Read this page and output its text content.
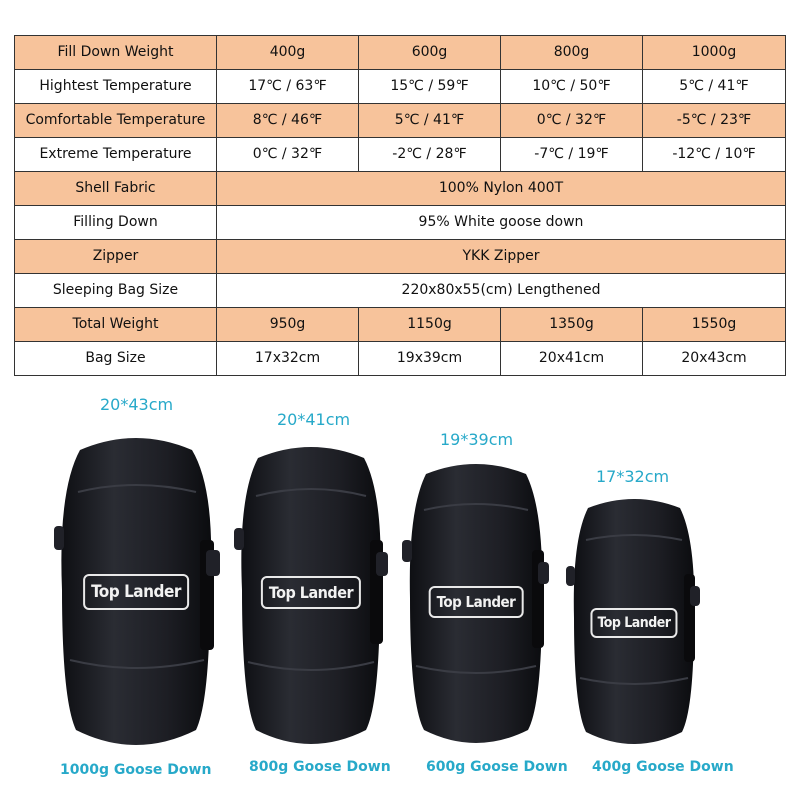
Fill Down Weight	400g	600g	800g	1000g
Hightest Temperature	17℃ / 63℉	15℃ / 59℉	10℃ / 50℉	5℃ / 41℉
Comfortable Temperature	8℃ / 46℉	5℃ / 41℉	0℃ / 32℉	-5℃ / 23℉
Extreme Temperature	0℃ / 32℉	-2℃ / 28℉	-7℃ / 19℉	-12℃ / 10℉
Shell Fabric	100% Nylon 400T			
Filling Down	95% White goose down			
Zipper	YKK Zipper			
Sleeping Bag Size	220x80x55(cm) Lengthened			
Total Weight	950g	1150g	1350g	1550g
Bag Size	17x32cm	19x39cm	20x41cm	20x43cm
20*43cm
20*41cm
19*39cm
17*32cm
Top Lander	Top Lander	Top Lander
Top Lander
1000g Goose Down	800g Goose Down	600g Goose Down 400g Goose Down
